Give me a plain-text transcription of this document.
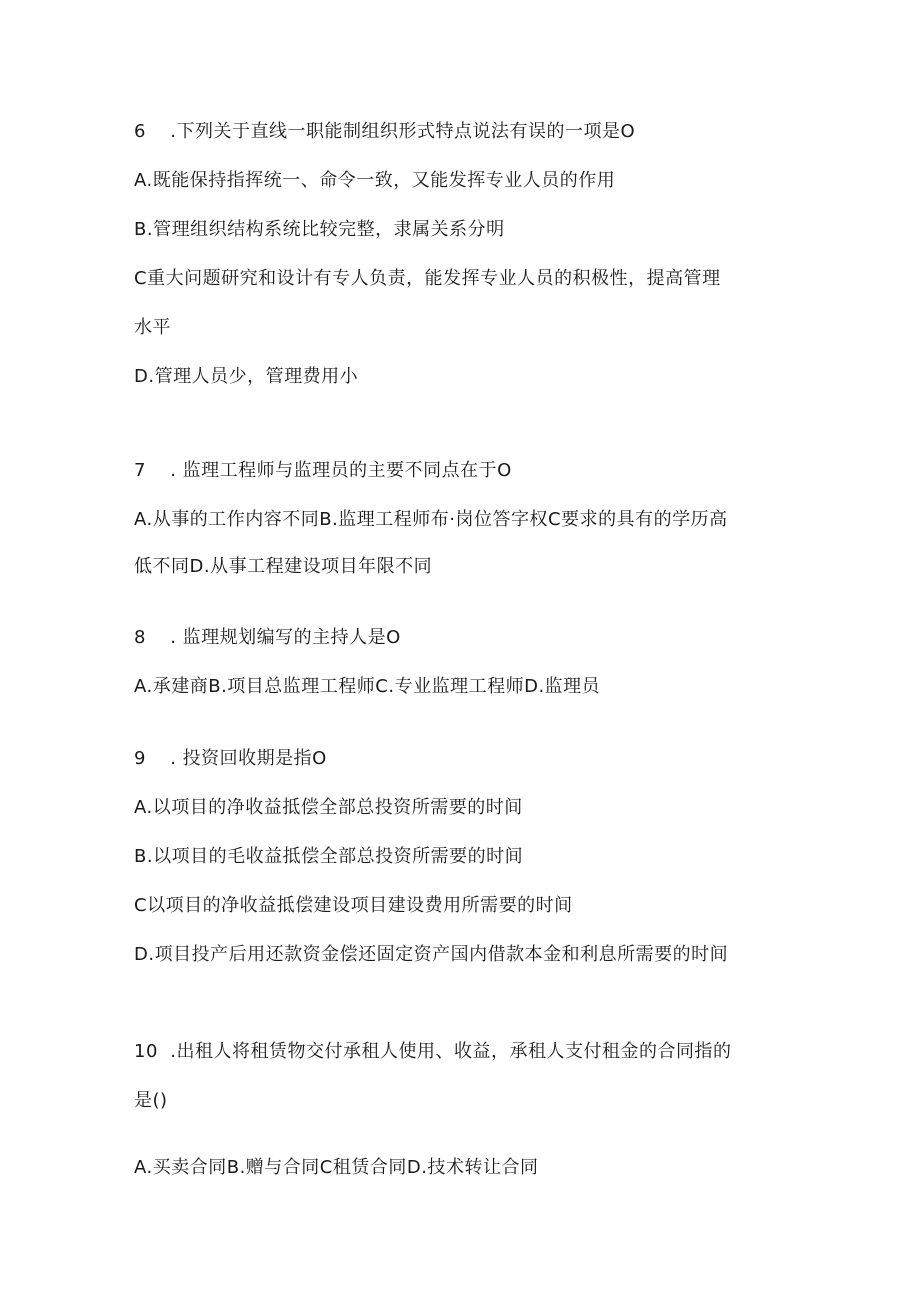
6 .下列关于直线一职能制组织形式特点说法有误的一项是O
A.既能保持指挥统一、命令一致，又能发挥专业人员的作用
B.管理组织结构系统比较完整，隶属关系分明
C重大问题研究和设计有专人负责，能发挥专业人员的积极性，提高管理
水平
D.管理人员少，管理费用小
7 . 监理工程师与监理员的主要不同点在于O
A.从事的工作内容不同B.监理工程师布·岗位答字权C要求的具有的学历高
低不同D.从事工程建设项目年限不同
8 . 监理规划编写的主持人是O
A.承建商B.项目总监理工程师C.专业监理工程师D.监理员
9 . 投资回收期是指O
A.以项目的净收益抵偿全部总投资所需要的时间
B.以项目的毛收益抵偿全部总投资所需要的时间
C以项目的净收益抵偿建设项目建设费用所需要的时间
D.项目投产后用还款资金偿还固定资产国内借款本金和利息所需要的时间
10 .出租人将租赁物交付承租人使用、收益，承租人支付租金的合同指的
是()
A.买卖合同B.赠与合同C租赁合同D.技术转让合同
